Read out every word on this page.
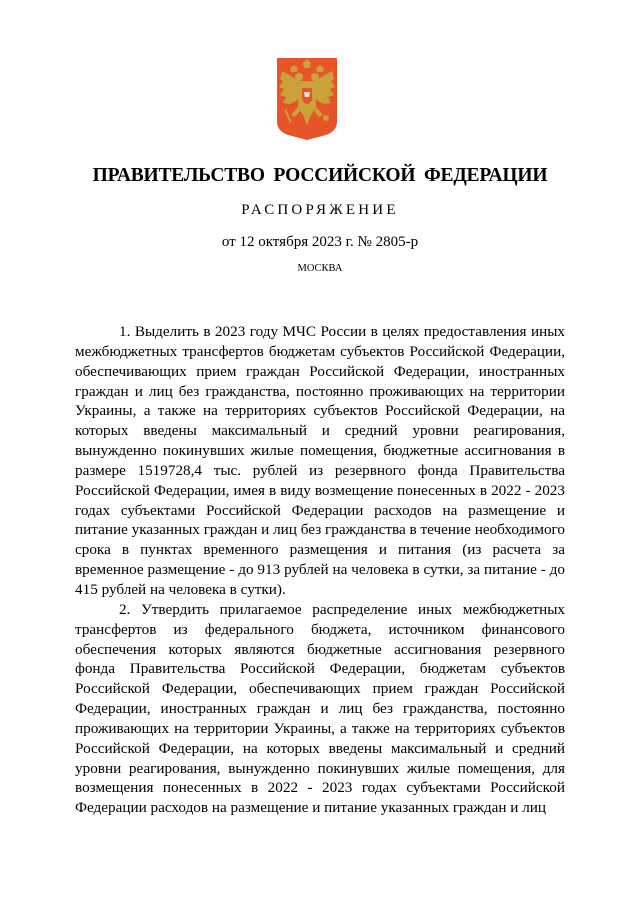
ПРАВИТЕЛЬСТВО РОССИЙСКОЙ ФЕДЕРАЦИИ
РАСПОРЯЖЕНИЕ
от 12 октября 2023 г. № 2805-р
МОСКВА

1. Выделить в 2023 году МЧС России в целях предоставления иных межбюджетных трансфертов бюджетам субъектов Российской Федерации, обеспечивающих прием граждан Российской Федерации, иностранных граждан и лиц без гражданства, постоянно проживающих на территории Украины, а также на территориях субъектов Российской Федерации, на которых введены максимальный и средний уровни реагирования, вынужденно покинувших жилые помещения, бюджетные ассигнования в размере 1519728,4 тыс. рублей из резервного фонда Правительства Российской Федерации, имея в виду возмещение понесенных в 2022 - 2023 годах субъектами Российской Федерации расходов на размещение и питание указанных граждан и лиц без гражданства в течение необходимого срока в пунктах временного размещения и питания (из расчета за временное размещение - до 913 рублей на человека в сутки, за питание - до 415 рублей на человека в сутки).

2. Утвердить прилагаемое распределение иных межбюджетных трансфертов из федерального бюджета, источником финансового обеспечения которых являются бюджетные ассигнования резервного фонда Правительства Российской Федерации, бюджетам субъектов Российской Федерации, обеспечивающих прием граждан Российской Федерации, иностранных граждан и лиц без гражданства, постоянно проживающих на территории Украины, а также на территориях субъектов Российской Федерации, на которых введены максимальный и средний уровни реагирования, вынужденно покинувших жилые помещения, для возмещения понесенных в 2022 - 2023 годах субъектами Российской Федерации расходов на размещение и питание указанных граждан и лиц
